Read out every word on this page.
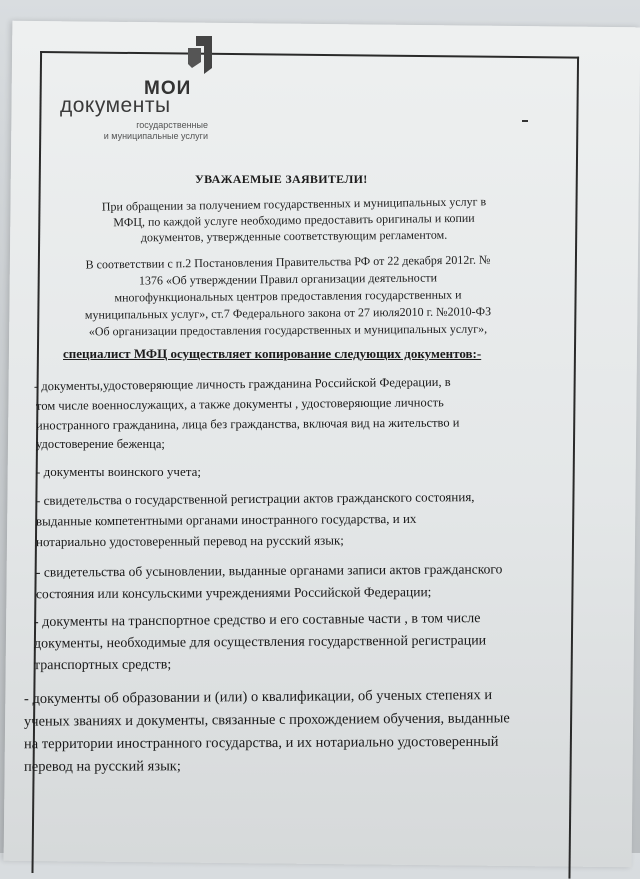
МОИ
документы
государственные
и муниципальные услуги
УВАЖАЕМЫЕ ЗАЯВИТЕЛИ!
При обращении за получением государственных и муниципальных услуг в
МФЦ, по каждой услуге необходимо предоставить оригиналы и копии
документов, утвержденные соответствующим регламентом.
В соответствии с п.2 Постановления Правительства РФ от 22 декабря 2012г. №
1376 «Об утверждении Правил организации деятельности
многофункциональных центров предоставления государственных и
муниципальных услуг», ст.7 Федерального закона от 27 июля2010 г. №2010-ФЗ
«Об организации предоставления государственных и муниципальных услуг»,
специалист МФЦ осуществляет копирование следующих документов:-
- документы,удостоверяющие личность гражданина Российской Федерации, в
том числе военнослужащих, а также документы , удостоверяющие личность
иностранного гражданина, лица без гражданства, включая вид на жительство и
удостоверение беженца;
- документы воинского учета;
- свидетельства о государственной регистрации актов гражданского состояния,
выданные компетентными органами иностранного государства, и их
нотариально удостоверенный перевод на русский язык;
- свидетельства об усыновлении, выданные органами записи актов гражданского
состояния или консульскими учреждениями Российской Федерации;
- документы на транспортное средство и его составные части , в том числе
документы, необходимые для осуществления государственной регистрации
транспортных средств;
- документы об образовании и (или) о квалификации, об ученых степенях и
ученых званиях и документы, связанные с прохождением обучения, выданные
на территории иностранного государства, и их нотариально удостоверенный
перевод на русский язык;
